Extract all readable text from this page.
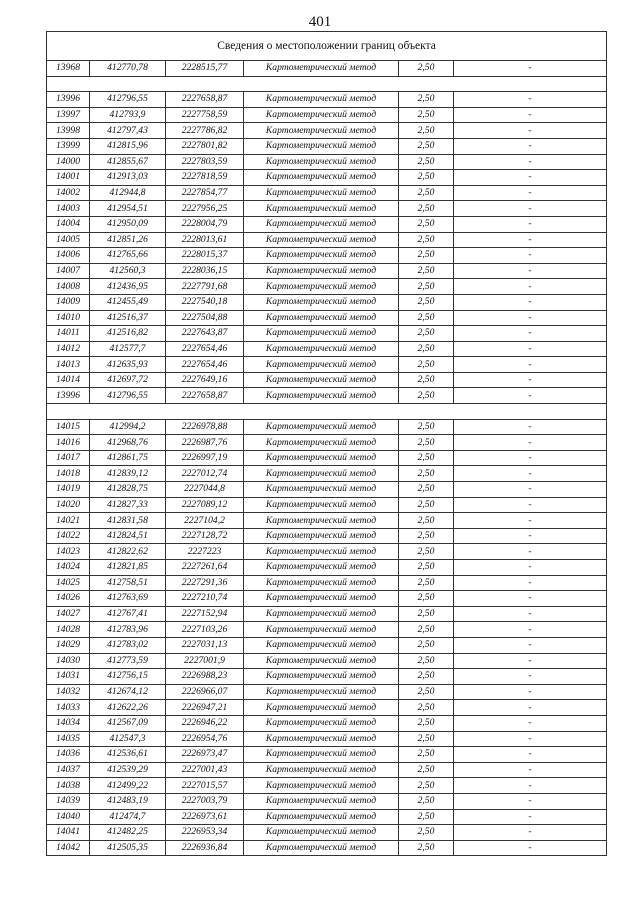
401
Сведения о местоположении границ объекта					
13968	412770,78	2228515,77	Картометрический метод	2,50	-

13996	412796,55	2227658,87	Картометрический метод	2,50	-
13997	412793,9	2227758,59	Картометрический метод	2,50	-
13998	412797,43	2227786,82	Картометрический метод	2,50	-
13999	412815,96	2227801,82	Картометрический метод	2,50	-
14000	412855,67	2227803,59	Картометрический метод	2,50	-
14001	412913,03	2227818,59	Картометрический метод	2,50	-
14002	412944,8	2227854,77	Картометрический метод	2,50	-
14003	412954,51	2227956,25	Картометрический метод	2,50	-
14004	412950,09	2228004,79	Картометрический метод	2,50	-
14005	412851,26	2228013,61	Картометрический метод	2,50	-
14006	412765,66	2228015,37	Картометрический метод	2,50	-
14007	412560,3	2228036,15	Картометрический метод	2,50	-
14008	412436,95	2227791,68	Картометрический метод	2,50	-
14009	412455,49	2227540,18	Картометрический метод	2,50	-
14010	412516,37	2227504,88	Картометрический метод	2,50	-
14011	412516,82	2227643,87	Картометрический метод	2,50	-
14012	412577,7	2227654,46	Картометрический метод	2,50	-
14013	412635,93	2227654,46	Картометрический метод	2,50	-
14014	412697,72	2227649,16	Картометрический метод	2,50	-
13996	412796,55	2227658,87	Картометрический метод	2,50	-

14015	412994,2	2226978,88	Картометрический метод	2,50	-
14016	412968,76	2226987,76	Картометрический метод	2,50	-
14017	412861,75	2226997,19	Картометрический метод	2,50	-
14018	412839,12	2227012,74	Картометрический метод	2,50	-
14019	412828,75	2227044,8	Картометрический метод	2,50	-
14020	412827,33	2227089,12	Картометрический метод	2,50	-
14021	412831,58	2227104,2	Картометрический метод	2,50	-
14022	412824,51	2227128,72	Картометрический метод	2,50	-
14023	412822,62	2227223	Картометрический метод	2,50	-
14024	412821,85	2227261,64	Картометрический метод	2,50	-
14025	412758,51	2227291,36	Картометрический метод	2,50	-
14026	412763,69	2227210,74	Картометрический метод	2,50	-
14027	412767,41	2227152,94	Картометрический метод	2,50	-
14028	412783,96	2227103,26	Картометрический метод	2,50	-
14029	412783,02	2227031,13	Картометрический метод	2,50	-
14030	412773,59	2227001,9	Картометрический метод	2,50	-
14031	412756,15	2226988,23	Картометрический метод	2,50	-
14032	412674,12	2226966,07	Картометрический метод	2,50	-
14033	412622,26	2226947,21	Картометрический метод	2,50	-
14034	412567,09	2226946,22	Картометрический метод	2,50	-
14035	412547,3	2226954,76	Картометрический метод	2,50	-
14036	412536,61	2226973,47	Картометрический метод	2,50	-
14037	412539,29	2227001,43	Картометрический метод	2,50	-
14038	412499,22	2227015,57	Картометрический метод	2,50	-
14039	412483,19	2227003,79	Картометрический метод	2,50	-
14040	412474,7	2226973,61	Картометрический метод	2,50	-
14041	412482,25	2226953,34	Картометрический метод	2,50	-
14042	412505,35	2226936,84	Картометрический метод	2,50	-
